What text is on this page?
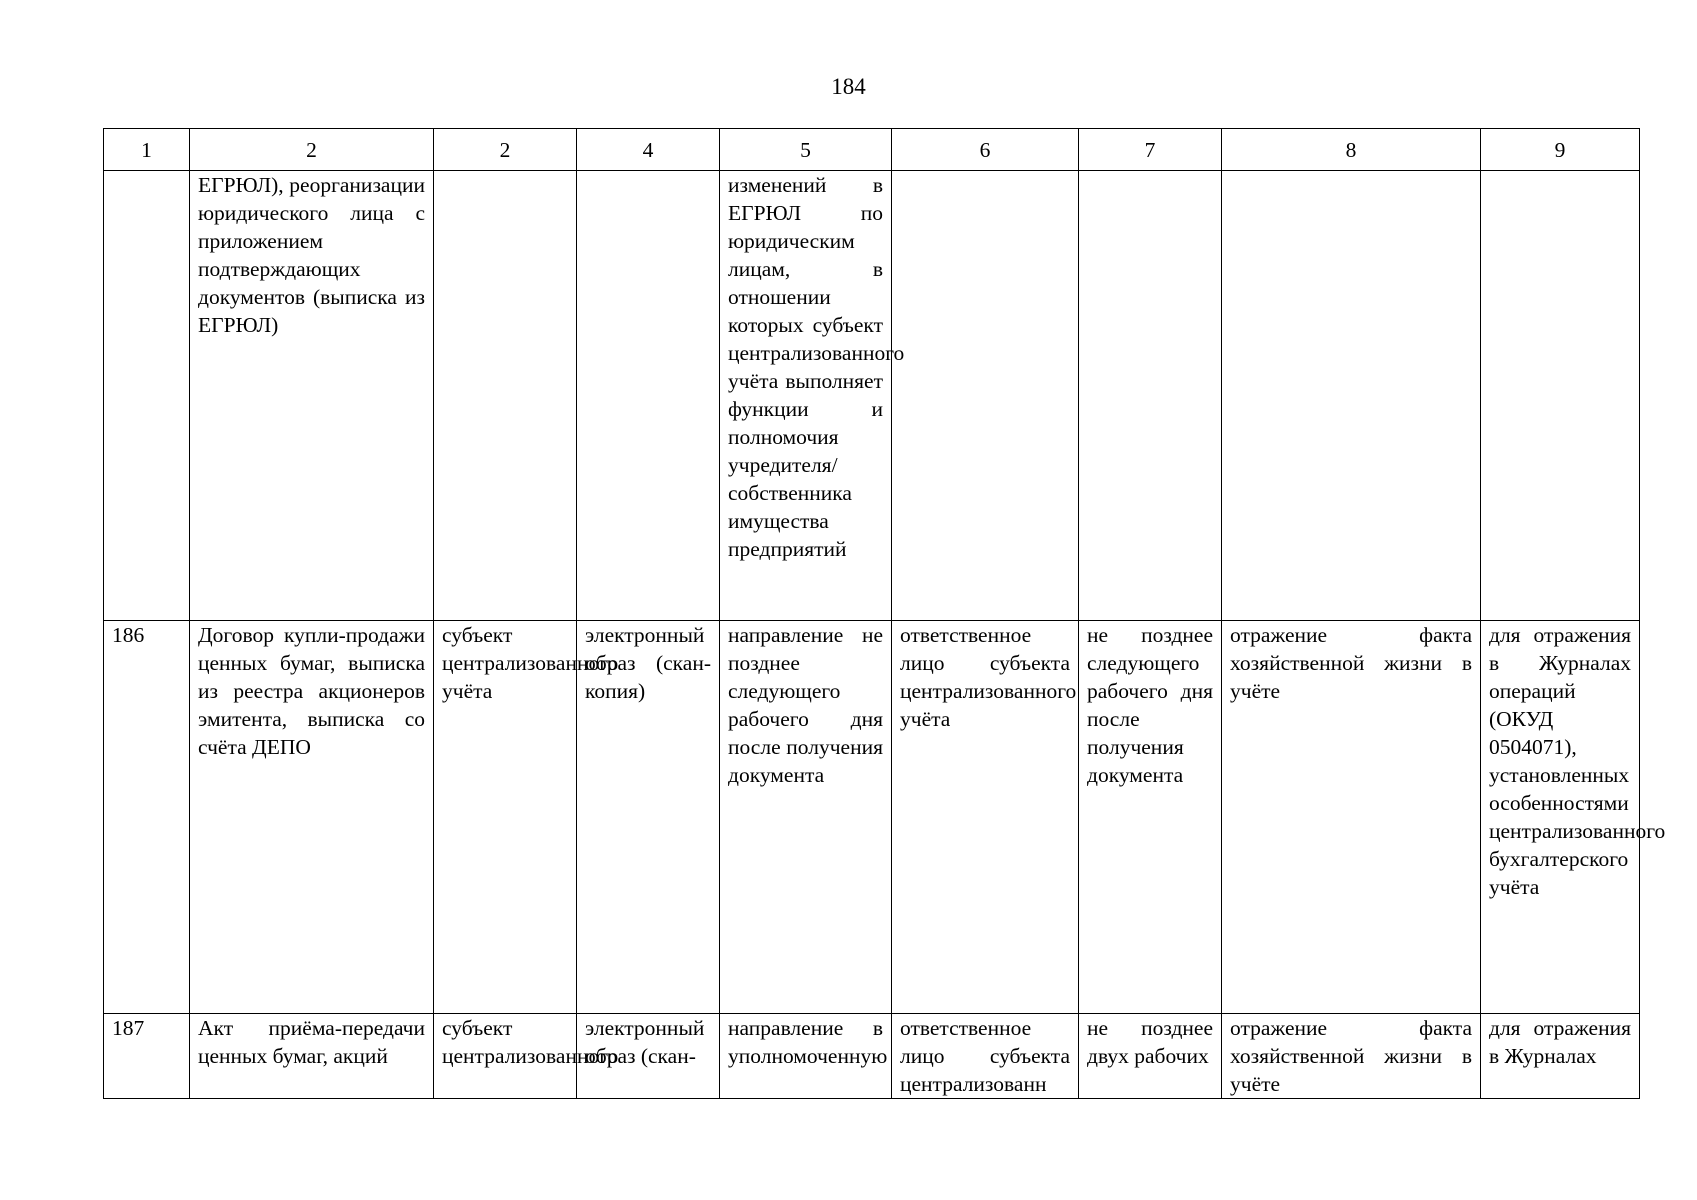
184
1	2	2	4	5	6	7	8	9
	ЕГРЮЛ), реорганизации юридического лица с приложением подтверждающих документов (выписка из ЕГРЮЛ)			изменений в ЕГРЮЛ по юридическим лицам, в отношении которых субъект централизованного учёта выполняет функции и полномочия учредителя/собственника имущества предприятий				
186	Договор купли-продажи ценных бумаг, выписка из реестра акционеров эмитента, выписка со счёта ДЕПО	субъект централизованного учёта	электронный образ (скан-копия)	направление не позднее следующего рабочего дня после получения документа	ответственное лицо субъекта централизованного учёта	не позднее следующего рабочего дня после получения документа	отражение факта хозяйственной жизни в учёте	для отражения в Журналах операций (ОКУД 0504071), установленных особенностями централизованного бухгалтерского учёта
187	Акт приёма-передачи ценных бумаг, акций	субъект централизованного	электронный образ (скан-	направление в уполномоченную	ответственное лицо субъекта централизованн	не позднее двух рабочих	отражение факта хозяйственной жизни в учёте	для отражения в Журналах
